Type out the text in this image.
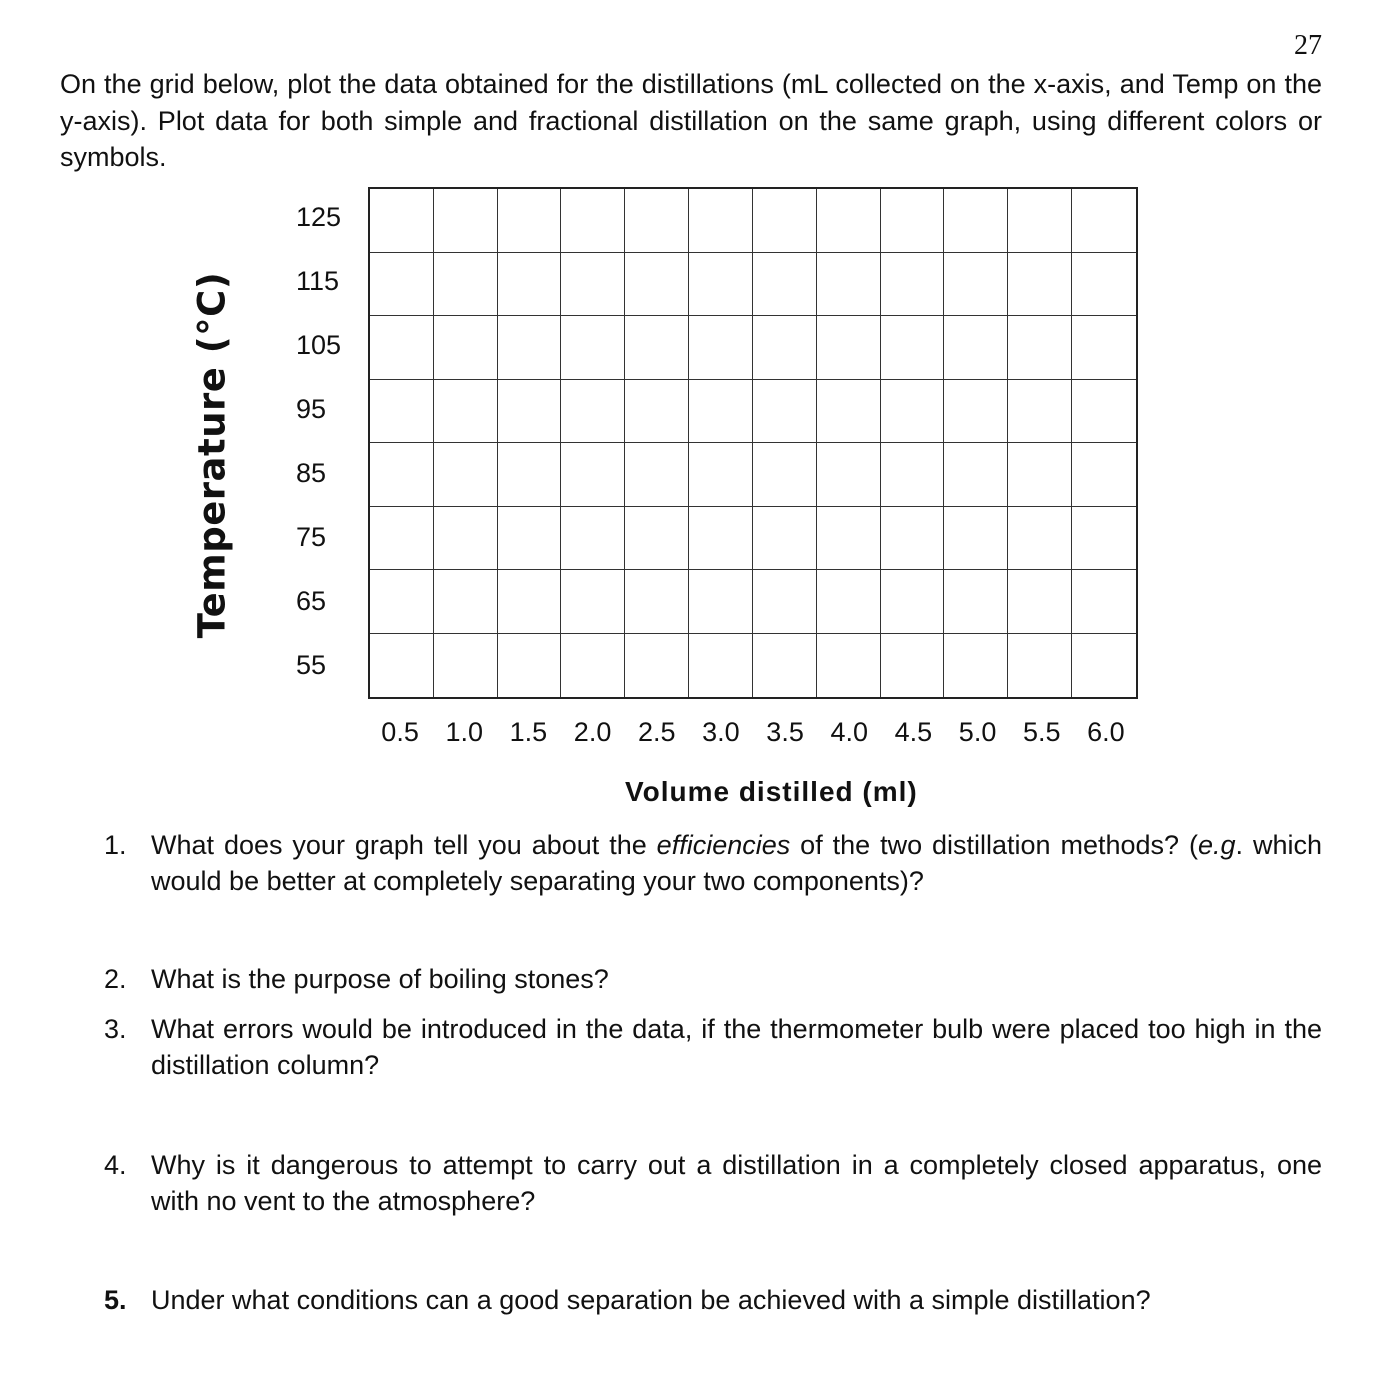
27

On the grid below, plot the data obtained for the distillations (mL collected on the x-axis, and Temp on the y-axis). Plot data for both simple and fractional distillation on the same graph, using different colors or symbols.

Temperature (°C)
125
115
105
95
85
75
65
55
0.5 1.0 1.5 2.0 2.5 3.0 3.5 4.0 4.5 5.0 5.5 6.0
Volume distilled (ml)
1. What does your graph tell you about the efficiencies of the two distillation methods? (e.g. which would be better at completely separating your two components)?
2. What is the purpose of boiling stones?
3. What errors would be introduced in the data, if the thermometer bulb were placed too high in the distillation column?
4. Why is it dangerous to attempt to carry out a distillation in a completely closed apparatus, one with no vent to the atmosphere?
5. Under what conditions can a good separation be achieved with a simple distillation?
